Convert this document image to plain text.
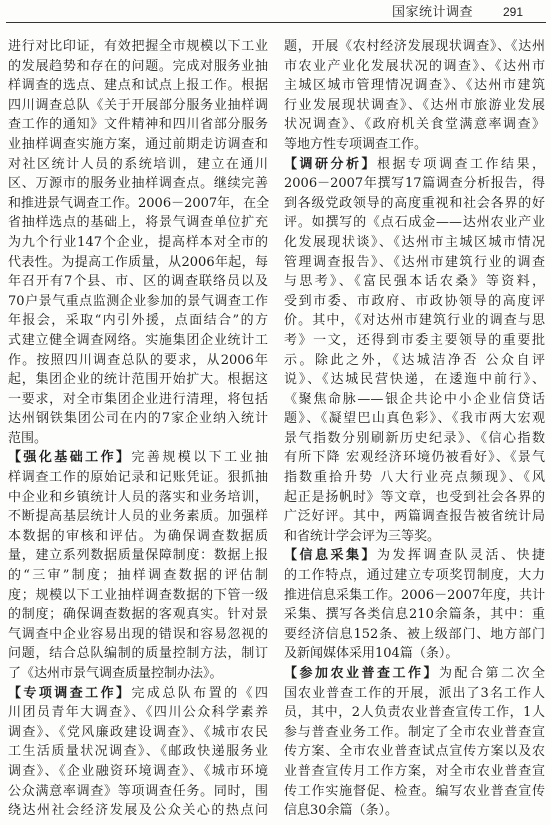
国家统计调查 291
进行对比印证，有效把握全市规模以下工业
的发展趋势和存在的问题。完成对服务业抽
样调查的选点、建点和试点上报工作。根据
四川调查总队《关于开展部分服务业抽样调
查工作的通知》文件精神和四川省部分服务
业抽样调查实施方案，通过前期走访调查和
对社区统计人员的系统培训，建立在通川
区、万源市的服务业抽样调查点。继续完善
和推进景气调查工作。2006－2007年，在全
省抽样选点的基础上，将景气调查单位扩充
为九个行业147个企业，提高样本对全市的
代表性。为提高工作质量，从2006年起，每
年召开有7个县、市、区的调查联络员以及
70户景气重点监测企业参加的景气调查工作
年报会，采取“内引外援，点面结合”的方
式建立健全调查网络。实施集团企业统计工
作。按照四川调查总队的要求，从2006年
起，集团企业的统计范围开始扩大。根据这
一要求，对全市集团企业进行清理，将包括
达州钢铁集团公司在内的7家企业纳入统计
范围。
【强化基础工作】完善规模以下工业抽
样调查工作的原始记录和记账凭证。狠抓抽
中企业和乡镇统计人员的落实和业务培训，
不断提高基层统计人员的业务素质。加强样
本数据的审核和评估。为确保调查数据质
量，建立系列数据质量保障制度：数据上报
的“三审”制度；抽样调查数据的评估制
度；规模以下工业抽样调查数据的下管一级
的制度；确保调查数据的客观真实。针对景
气调查中企业容易出现的错误和容易忽视的
问题，结合总队编制的质量控制方法，制订
了《达州市景气调查质量控制办法》。
【专项调查工作】完成总队布置的《四
川团员青年大调查》、《四川公众科学素养
调查》、《党风廉政建设调查》、《城市农民
工生活质量状况调查》、《邮政快递服务业
调查》、《企业融资环境调查》、《城市环境
公众满意率调查》等项调查任务。同时，围
绕达州社会经济发展及公众关心的热点问
题，开展《农村经济发展现状调查》、《达州
市农业产业化发展状况的调查》、《达州市
主城区城市管理情况调查》、《达州市建筑
行业发展现状调查》、《达州市旅游业发展
状况调查》、《政府机关食堂满意率调查》
等地方性专项调查工作。
【调研分析】根据专项调查工作结果，
2006－2007年撰写17篇调查分析报告，得
到各级党政领导的高度重视和社会各界的好
评。如撰写的《点石成金——达州农业产业
化发展现状谈》、《达州市主城区城市情况
管理调查报告》、《达州市建筑行业的调查
与思考》、《富民强本话农桑》等资料，
受到市委、市政府、市政协领导的高度评
价。其中，《对达州市建筑行业的调查与思
考》一文，还得到市委主要领导的重要批
示。除此之外，《达城洁净否 公众自评
说》、《达城民营快递，在逶迤中前行》、
《聚焦命脉——银企共论中小企业信贷话
题》、《凝望巴山真色彩》、《我市两大宏观
景气指数分别刷新历史纪录》、《信心指数
有所下降 宏观经济环境仍被看好》、《景气
指数重拾升势 八大行业亮点频现》、《风
起正是扬帆时》等文章，也受到社会各界的
广泛好评。其中，两篇调查报告被省统计局
和省统计学会评为三等奖。
【信息采集】为发挥调查队灵活、快捷
的工作特点，通过建立专项奖罚制度，大力
推进信息采集工作。2006－2007年度，共计
采集、撰写各类信息210余篇条，其中：重
要经济信息152条、被上级部门、地方部门
及新闻媒体采用104篇（条）。
【参加农业普查工作】为配合第二次全
国农业普查工作的开展，派出了3名工作人
员，其中，2人负责农业普查宣传工作，1人
参与普查业务工作。制定了全市农业普查宣
传方案、全市农业普查试点宣传方案以及农
业普查宣传月工作方案，对全市农业普查宣
传工作实施督促、检查。编写农业普查宣传
信息30余篇（条）。
